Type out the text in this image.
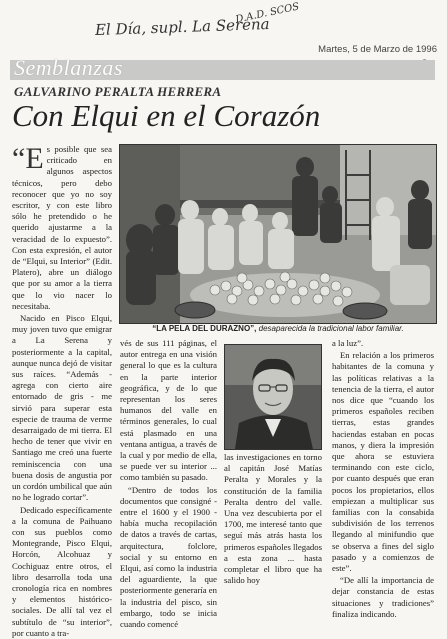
El Día, supl. La Serena
D.A.D. SCOS
Martes, 5 de Marzo de 1996
Semblanzas
GALVARINO PERALTA HERRERA
Con Elqui en el Corazón

“Es posible que sea criticado en algunos aspectos técnicos, pero debo reconocer que yo no soy escritor, y con este libro sólo he pretendido o he querido ajustarme a la veracidad de lo expuesto”. Con esta expresión, el autor de “Elqui, su Interior” (Edit. Platero), abre un diálogo que por su amor a la tierra que lo vio nacer lo necesitaba.

Nacido en Pisco Elqui, muy joven tuvo que emigrar a La Serena y posteriormente a la capital, aunque nunca dejó de visitar sus raíces. “Además - agrega con cierto aire entornado de gris - me sirvió para superar esta especie de trauma de verme desarraigado de mi tierra. El hecho de tener que vivir en Santiago me creó una fuerte reminiscencia con una buena dosis de angustia por un cordón umbilical que aún no he logrado cortar”.

Dedicado específicamente a la comuna de Paihuano con sus pueblos como Montegrande, Pisco Elqui, Horcón, Alcohuaz y Cochiguaz entre otros, el libro desarrolla toda una cronología rica en nombres y elementos histórico-sociales. De allí tal vez el subtítulo de “su interior”, por cuanto a tra-

“LA PELA DEL DURAZNO”, desaparecida la tradicional labor familiar.

vés de sus 111 páginas, el autor entrega en una visión general lo que es la cultura en la parte interior geográfica, y de lo que representan los seres humanos del valle en términos generales, lo cual está plasmado en una ventana antigua, a través de la cual y por medio de ella, se puede ver su interior ... como también su pasado.

“Dentro de todos los documentos que consigné - entre el 1600 y el 1900 - había mucha recopilación de datos a través de cartas, arquitectura, folclore, social y su entorno en Elqui, así como la industria del aguardiente, la que posteriormente generaría en la industria del pisco, sin embargo, todo se inicia cuando comencé

las investigaciones en torno al capitán José Matías Peralta y Morales y la constitución de la familia Peralta dentro del valle. Una vez descubierta por el 1700, me interesé tanto que seguí más atrás hasta los primeros españoles llegados a esta zona ... hasta completar el libro que ha salido hoy

a la luz”.

En relación a los primeros habitantes de la comuna y las políticas relativas a la tenencia de la tierra, el autor nos dice que “cuando los primeros españoles reciben tierras, estas grandes haciendas estaban en pocas manos, y diera la impresión que ahora se estuviera terminando con este ciclo, por cuanto después que eran pocos los propietarios, ellos empiezan a multiplicar sus familias con la consabida subdivisión de los terrenos llegando al minifundio que se observa a fines del siglo pasado y a comienzos de este”.

“De allí la importancia de dejar constancia de estas situaciones y tradiciones” finaliza indicando.
